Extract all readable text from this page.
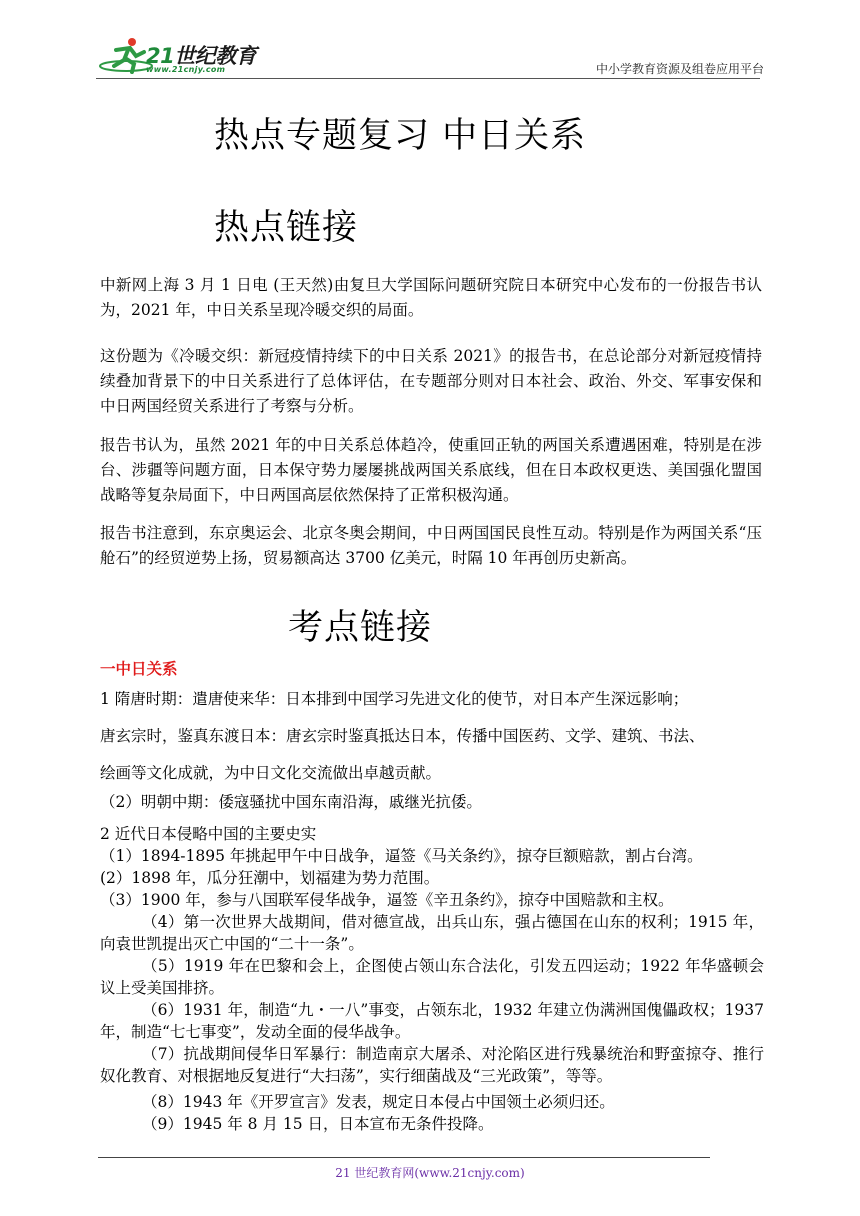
21世纪教育
www.21cnjy.com	中小学教育资源及组卷应用平台
热点专题复习 中日关系
热点链接
中新网上海 3 月 1 日电 (王天然)由复旦大学国际问题研究院日本研究中心发布的一份报告书认为，2021 年，中日关系呈现冷暖交织的局面。
这份题为《冷暖交织：新冠疫情持续下的中日关系 2021》的报告书，在总论部分对新冠疫情持续叠加背景下的中日关系进行了总体评估，在专题部分则对日本社会、政治、外交、军事安保和中日两国经贸关系进行了考察与分析。
报告书认为，虽然 2021 年的中日关系总体趋冷，使重回正轨的两国关系遭遇困难，特别是在涉台、涉疆等问题方面，日本保守势力屡屡挑战两国关系底线，但在日本政权更迭、美国强化盟国战略等复杂局面下，中日两国高层依然保持了正常积极沟通。
报告书注意到，东京奥运会、北京冬奥会期间，中日两国国民良性互动。特别是作为两国关系“压舱石”的经贸逆势上扬，贸易额高达 3700 亿美元，时隔 10 年再创历史新高。
考点链接
一中日关系
1 隋唐时期：遣唐使来华：日本排到中国学习先进文化的使节，对日本产生深远影响；
唐玄宗时，鉴真东渡日本：唐玄宗时鉴真抵达日本，传播中国医药、文学、建筑、书法、
绘画等文化成就，为中日文化交流做出卓越贡献。
（2）明朝中期：倭寇骚扰中国东南沿海，戚继光抗倭。
2 近代日本侵略中国的主要史实
（1）1894-1895 年挑起甲午中日战争，逼签《马关条约》，掠夺巨额赔款，割占台湾。
(2）1898 年，瓜分狂潮中，划福建为势力范围。
（3）1900 年，参与八国联军侵华战争，逼签《辛丑条约》，掠夺中国赔款和主权。
（4）第一次世界大战期间，借对德宣战，出兵山东，强占德国在山东的权利；1915 年，向袁世凯提出灭亡中国的“二十一条”。
（5）1919 年在巴黎和会上，企图使占领山东合法化，引发五四运动；1922 年华盛顿会议上受美国排挤。
（6）1931 年，制造“九・一八”事变，占领东北，1932 年建立伪满洲国傀儡政权；1937 年，制造“七七事变”，发动全面的侵华战争。
（7）抗战期间侵华日军暴行：制造南京大屠杀、对沦陷区进行残暴统治和野蛮掠夺、推行奴化教育、对根据地反复进行“大扫荡”，实行细菌战及“三光政策”，等等。
（8）1943 年《开罗宣言》发表，规定日本侵占中国领土必须归还。
（9）1945 年 8 月 15 日，日本宣布无条件投降。
21 世纪教育网(www.21cnjy.com)
